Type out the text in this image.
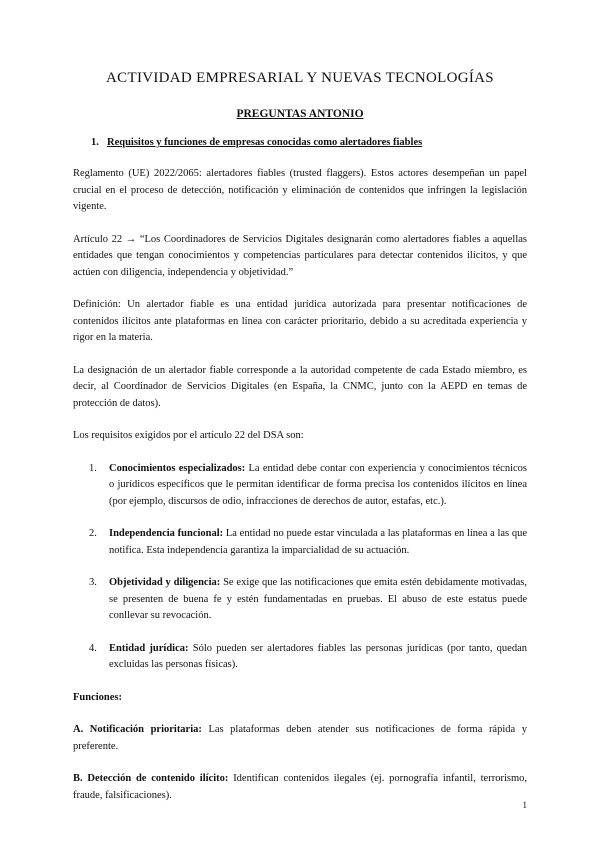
ACTIVIDAD EMPRESARIAL Y NUEVAS TECNOLOGÍAS
PREGUNTAS ANTONIO
1. Requisitos y funciones de empresas conocidas como alertadores fiables

Reglamento (UE) 2022/2065: alertadores fiables (trusted flaggers). Estos actores desempeñan un papel crucial en el proceso de detección, notificación y eliminación de contenidos que infringen la legislación vigente.

Artículo 22 → “Los Coordinadores de Servicios Digitales designarán como alertadores fiables a aquellas entidades que tengan conocimientos y competencias particulares para detectar contenidos ilícitos, y que actúen con diligencia, independencia y objetividad.”

Definición: Un alertador fiable es una entidad jurídica autorizada para presentar notificaciones de contenidos ilícitos ante plataformas en línea con carácter prioritario, debido a su acreditada experiencia y rigor en la materia.

La designación de un alertador fiable corresponde a la autoridad competente de cada Estado miembro, es decir, al Coordinador de Servicios Digitales (en España, la CNMC, junto con la AEPD en temas de protección de datos).

Los requisitos exigidos por el artículo 22 del DSA son:

1. Conocimientos especializados: La entidad debe contar con experiencia y conocimientos técnicos o jurídicos específicos que le permitan identificar de forma precisa los contenidos ilícitos en línea (por ejemplo, discursos de odio, infracciones de derechos de autor, estafas, etc.).
2. Independencia funcional: La entidad no puede estar vinculada a las plataformas en línea a las que notifica. Esta independencia garantiza la imparcialidad de su actuación.
3. Objetividad y diligencia: Se exige que las notificaciones que emita estén debidamente motivadas, se presenten de buena fe y estén fundamentadas en pruebas. El abuso de este estatus puede conllevar su revocación.
4. Entidad jurídica: Sólo pueden ser alertadores fiables las personas jurídicas (por tanto, quedan excluidas las personas físicas).

Funciones:

A. Notificación prioritaria: Las plataformas deben atender sus notificaciones de forma rápida y preferente.

B. Detección de contenido ilícito: Identifican contenidos ilegales (ej. pornografía infantil, terrorismo, fraude, falsificaciones).

1
